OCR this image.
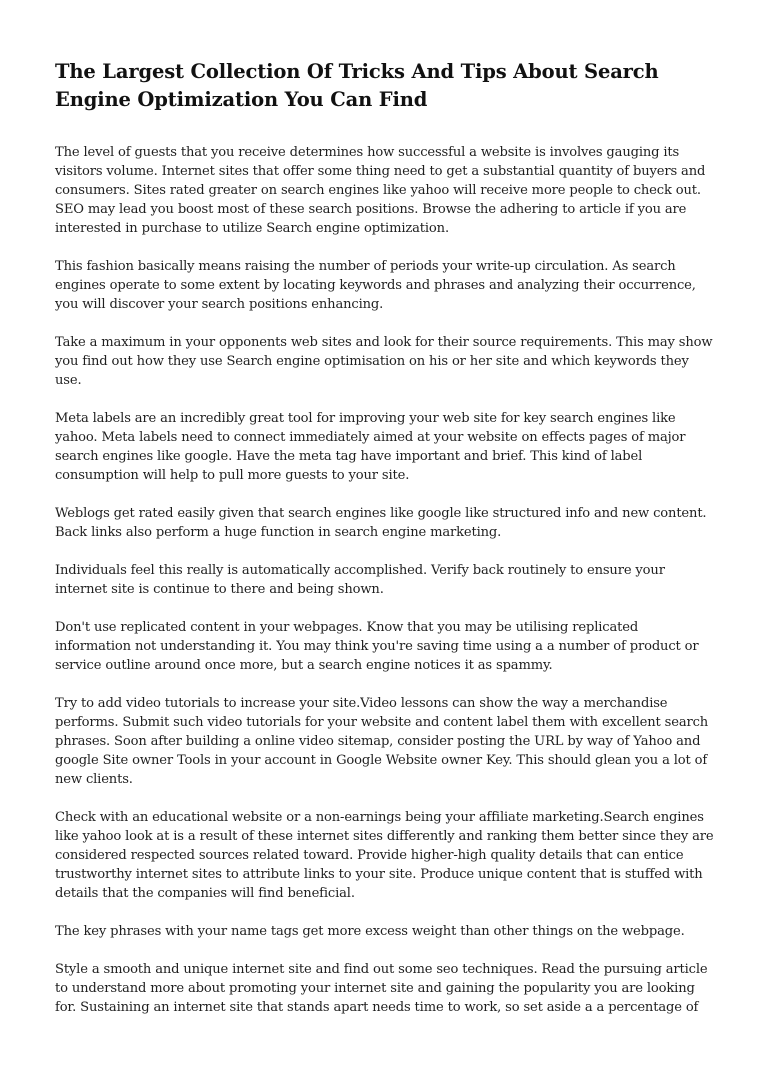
The Largest Collection Of Tricks And Tips About Search Engine Optimization You Can Find

The level of guests that you receive determines how successful a website is involves gauging its visitors volume. Internet sites that offer some thing need to get a substantial quantity of buyers and consumers. Sites rated greater on search engines like yahoo will receive more people to check out. SEO may lead you boost most of these search positions. Browse the adhering to article if you are interested in purchase to utilize Search engine optimization.

This fashion basically means raising the number of periods your write-up circulation. As search engines operate to some extent by locating keywords and phrases and analyzing their occurrence, you will discover your search positions enhancing.

Take a maximum in your opponents web sites and look for their source requirements. This may show you find out how they use Search engine optimisation on his or her site and which keywords they use.

Meta labels are an incredibly great tool for improving your web site for key search engines like yahoo. Meta labels need to connect immediately aimed at your website on effects pages of major search engines like google. Have the meta tag have important and brief. This kind of label consumption will help to pull more guests to your site.

Weblogs get rated easily given that search engines like google like structured info and new content. Back links also perform a huge function in search engine marketing.

Individuals feel this really is automatically accomplished. Verify back routinely to ensure your internet site is continue to there and being shown.

Don't use replicated content in your webpages. Know that you may be utilising replicated information not understanding it. You may think you're saving time using a a number of product or service outline around once more, but a search engine notices it as spammy.

Try to add video tutorials to increase your site.Video lessons can show the way a merchandise performs. Submit such video tutorials for your website and content label them with excellent search phrases. Soon after building a online video sitemap, consider posting the URL by way of Yahoo and google Site owner Tools in your account in Google Website owner Key. This should glean you a lot of new clients.

Check with an educational website or a non-earnings being your affiliate marketing.Search engines like yahoo look at is a result of these internet sites differently and ranking them better since they are considered respected sources related toward. Provide higher-high quality details that can entice trustworthy internet sites to attribute links to your site. Produce unique content that is stuffed with details that the companies will find beneficial.

The key phrases with your name tags get more excess weight than other things on the webpage.

Style a smooth and unique internet site and find out some seo techniques. Read the pursuing article to understand more about promoting your internet site and gaining the popularity you are looking for. Sustaining an internet site that stands apart needs time to work, so set aside a a percentage of
